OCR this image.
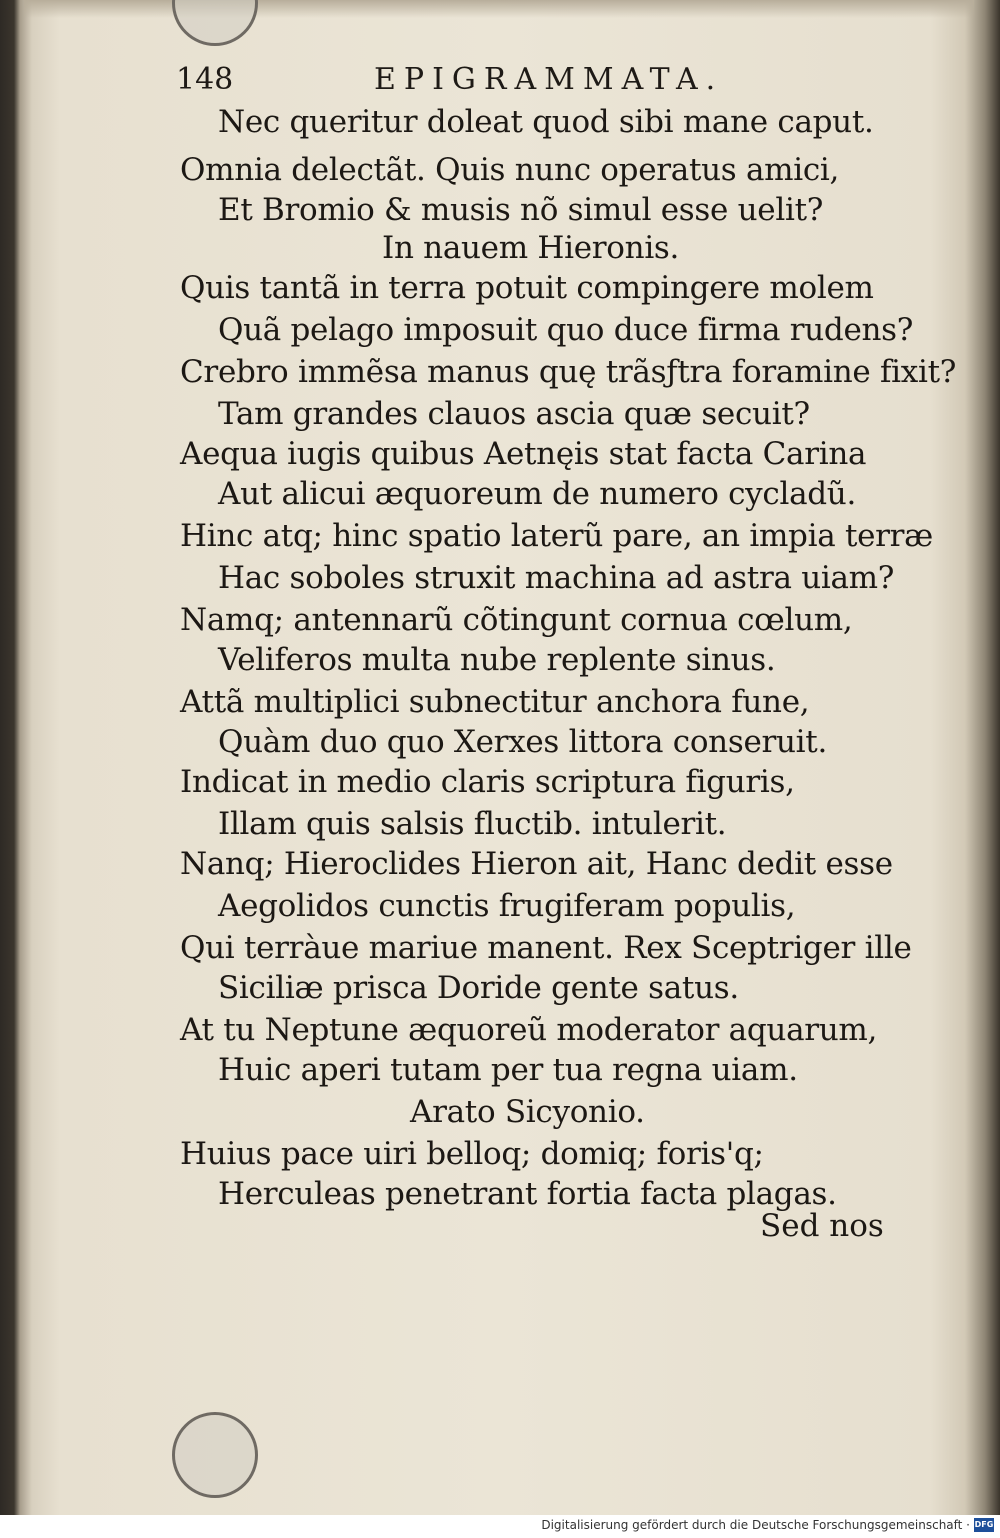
148	EPIGRAMMATA.
Nec queritur doleat quod sibi mane caput.
Omnia delectãt. Quis nunc operatus amici,
Et Bromio & musis nõ simul esse uelit?
In nauem Hieronis.
Quis tantã in terra potuit compingere molem
Quã pelago imposuit quo duce firma rudens?
Crebro immẽsa manus quę trãsƒtra foramine fixit?
Tam grandes clauos ascia quæ secuit?
Aequa iugis quibus Aetnęis stat facta Carina
Aut alicui æquoreum de numero cycladũ.
Hinc atq; hinc spatio laterũ pare, an impia terræ
Hac soboles struxit machina ad astra uiam?
Namq; antennarũ cõtingunt cornua cœlum,
Veliferos multa nube replente sinus.
Attã multiplici subnectitur anchora fune,
Quàm duo quo Xerxes littora conseruit.
Indicat in medio claris scriptura figuris,
Illam quis salsis fluctib. intulerit.
Nanq; Hieroclides Hieron ait, Hanc dedit esse
Aegolidos cunctis frugiferam populis,
Qui terràue mariue manent. Rex Sceptriger ille
Siciliæ prisca Doride gente satus.
At tu Neptune æquoreũ moderator aquarum,
Huic aperi tutam per tua regna uiam.
Arato Sicyonio.
Huius pace uiri belloq; domiq; foris'q;
Herculeas penetrant fortia facta plagas.
Sed nos
Digitalisierung gefördert durch die Deutsche Forschungsgemeinschaft · DFG
